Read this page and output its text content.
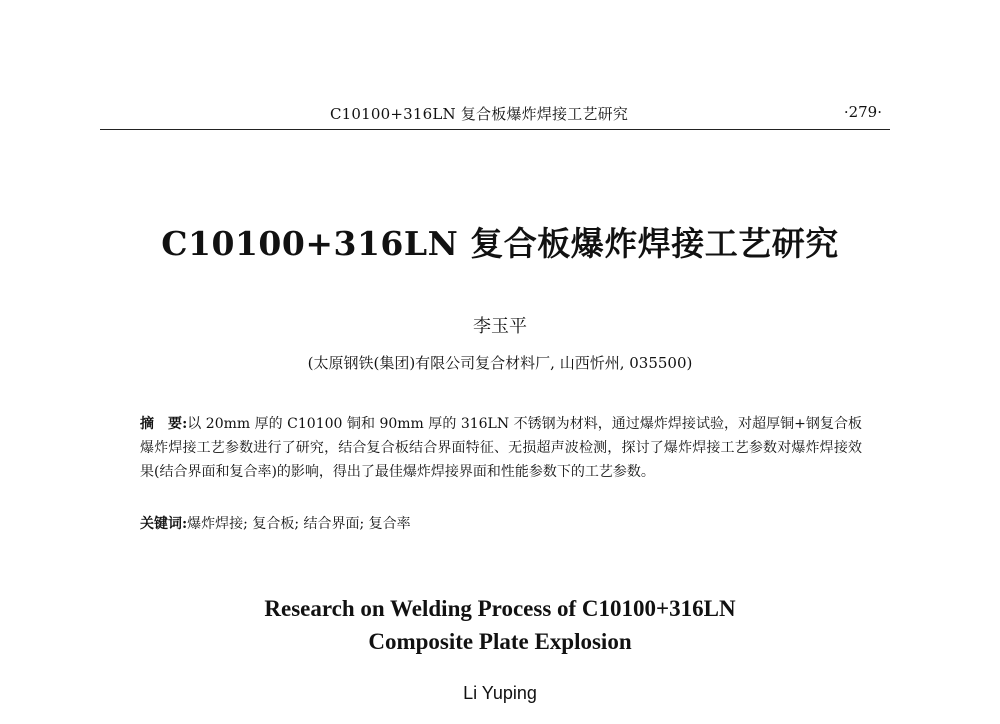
C10100+316LN 复合板爆炸焊接工艺研究	·279·
C10100+316LN 复合板爆炸焊接工艺研究
李玉平
(太原钢铁(集团)有限公司复合材料厂, 山西忻州, 035500)
摘　要:以 20mm 厚的 C10100 铜和 90mm 厚的 316LN 不锈钢为材料，通过爆炸焊接试验，对超厚铜+钢复合板爆炸焊接工艺参数进行了研究，结合复合板结合界面特征、无损超声波检测，探讨了爆炸焊接工艺参数对爆炸焊接效果(结合界面和复合率)的影响，得出了最佳爆炸焊接界面和性能参数下的工艺参数。
关键词:爆炸焊接; 复合板; 结合界面; 复合率
Research on Welding Process of C10100+316LN
Composite Plate Explosion
Li Yuping
